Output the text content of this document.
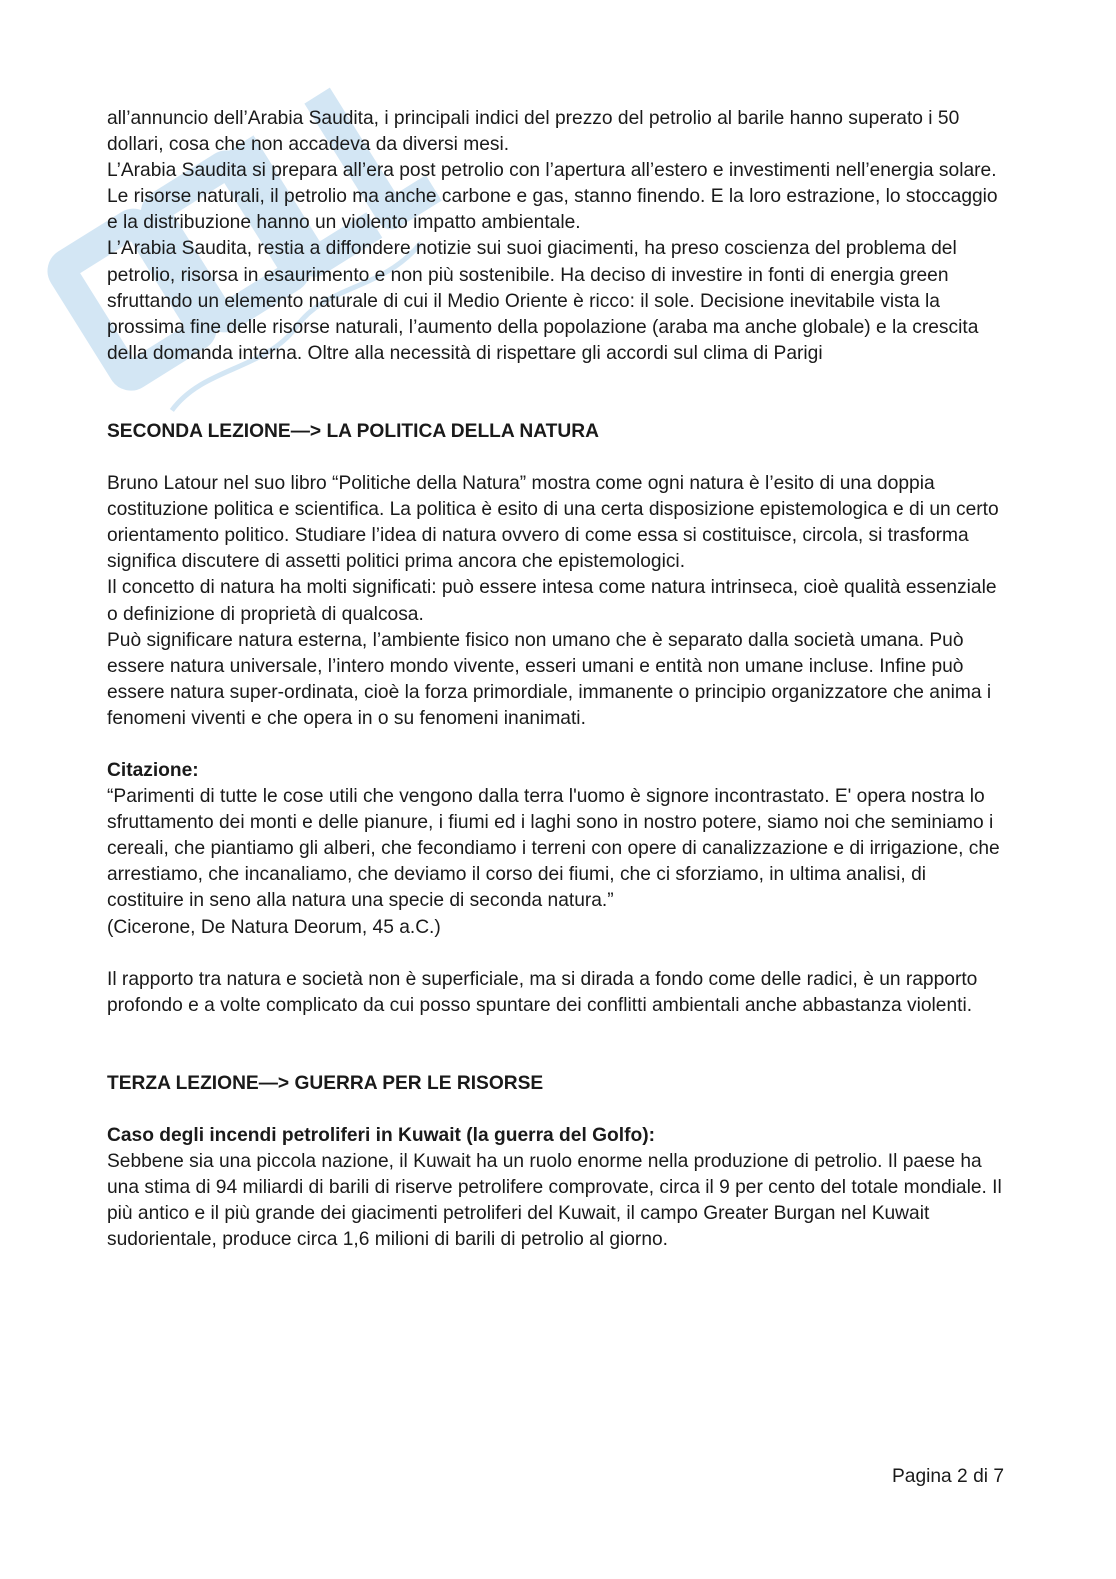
all’annuncio dell’Arabia Saudita, i principali indici del prezzo del petrolio al barile hanno superato i 50 dollari, cosa che non accadeva da diversi mesi.

L’Arabia Saudita si prepara all’era post petrolio con l’apertura all’estero e investimenti nell’energia solare. Le risorse naturali, il petrolio ma anche carbone e gas, stanno finendo. E la loro estrazione, lo stoccaggio e la distribuzione hanno un violento impatto ambientale.

L’Arabia Saudita, restia a diffondere notizie sui suoi giacimenti, ha preso coscienza del problema del petrolio, risorsa in esaurimento e non più sostenibile. Ha deciso di investire in fonti di energia green sfruttando un elemento naturale di cui il Medio Oriente è ricco: il sole. Decisione inevitabile vista la prossima fine delle risorse naturali, l’aumento della popolazione (araba ma anche globale) e la crescita della domanda interna. Oltre alla necessità di rispettare gli accordi sul clima di Parigi

SECONDA LEZIONE—> LA POLITICA DELLA NATURA

Bruno Latour nel suo libro “Politiche della Natura” mostra come ogni natura è l’esito di una doppia costituzione politica e scientifica. La politica è esito di una certa disposizione epistemologica e di un certo orientamento politico. Studiare l’idea di natura ovvero di come essa si costituisce, circola, si trasforma significa discutere di assetti politici prima ancora che epistemologici.

Il concetto di natura ha molti significati: può essere intesa come natura intrinseca, cioè qualità essenziale o definizione di proprietà di qualcosa.

Può significare natura esterna, l’ambiente fisico non umano che è separato dalla società umana. Può essere natura universale, l’intero mondo vivente, esseri umani e entità non umane incluse. Infine può essere natura super-ordinata, cioè la forza primordiale, immanente o principio organizzatore che anima i fenomeni viventi e che opera in o su fenomeni inanimati.

Citazione:

“Parimenti di tutte le cose utili che vengono dalla terra l'uomo è signore incontrastato. E' opera nostra lo sfruttamento dei monti e delle pianure, i fiumi ed i laghi sono in nostro potere, siamo noi che seminiamo i cereali, che piantiamo gli alberi, che fecondiamo i terreni con opere di canalizzazione e di irrigazione, che arrestiamo, che incanaliamo, che deviamo il corso dei fiumi, che ci sforziamo, in ultima analisi, di costituire in seno alla natura una specie di seconda natura.”

(Cicerone, De Natura Deorum, 45 a.C.)

Il rapporto tra natura e società non è superficiale, ma si dirada a fondo come delle radici, è un rapporto profondo e a volte complicato da cui posso spuntare dei conflitti ambientali anche abbastanza violenti.

TERZA LEZIONE—> GUERRA PER LE RISORSE

Caso degli incendi petroliferi in Kuwait (la guerra del Golfo):

Sebbene sia una piccola nazione, il Kuwait ha un ruolo enorme nella produzione di petrolio. Il paese ha una stima di 94 miliardi di barili di riserve petrolifere comprovate, circa il 9 per cento del totale mondiale. Il più antico e il più grande dei giacimenti petroliferi del Kuwait, il campo Greater Burgan nel Kuwait sudorientale, produce circa 1,6 milioni di barili di petrolio al giorno.

Pagina 2 di 7
